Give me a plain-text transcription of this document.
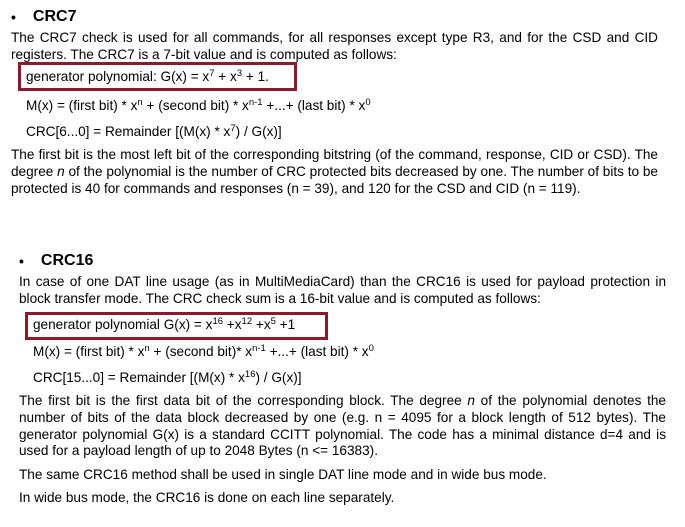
• CRC7
The CRC7 check is used for all commands, for all responses except type R3, and for the CSD and CID registers. The CRC7 is a 7-bit value and is computed as follows:
generator polynomial: $G(x) = x^7 + x^3 + 1$.
M(x) = (first $bit) * x^n$ + (second $bit) * x^{n-1}$ +...+ (last $bit) * x^0$
CRC[6...0] = Remainder $[(M(x) * x^7) / G(x)]$
The first bit is the most left bit of the corresponding bitstring (of the command, response, CID or CSD). The degree n of the polynomial is the number of CRC protected bits decreased by one. The number of bits to be protected is 40 for commands and responses (n = 39), and 120 for the CSD and CID (n = 119).
• CRC16
In case of one DAT line usage (as in MultiMediaCard) than the CRC16 is used for payload protection in block transfer mode. The CRC check sum is a 16-bit value and is computed as follows:
generator polynomial $G(x) = x^{16} +x^{12} +x^5 +1$
M(x) = (first $bit) * x^n$ + (second bit)* $x^{n-1}$ +...+ (last $bit) * x^0$
CRC[15...0] = Remainder $[(M(x) * x^{16}) / G(x)]$
The first bit is the first data bit of the corresponding block. The degree n of the polynomial denotes the number of bits of the data block decreased by one (e.g. n = 4095 for a block length of 512 bytes). The generator polynomial G(x) is a standard CCITT polynomial. The code has a minimal distance d=4 and is used for a payload length of up to 2048 Bytes (n <= 16383).
The same CRC16 method shall be used in single DAT line mode and in wide bus mode.
In wide bus mode, the CRC16 is done on each line separately.
